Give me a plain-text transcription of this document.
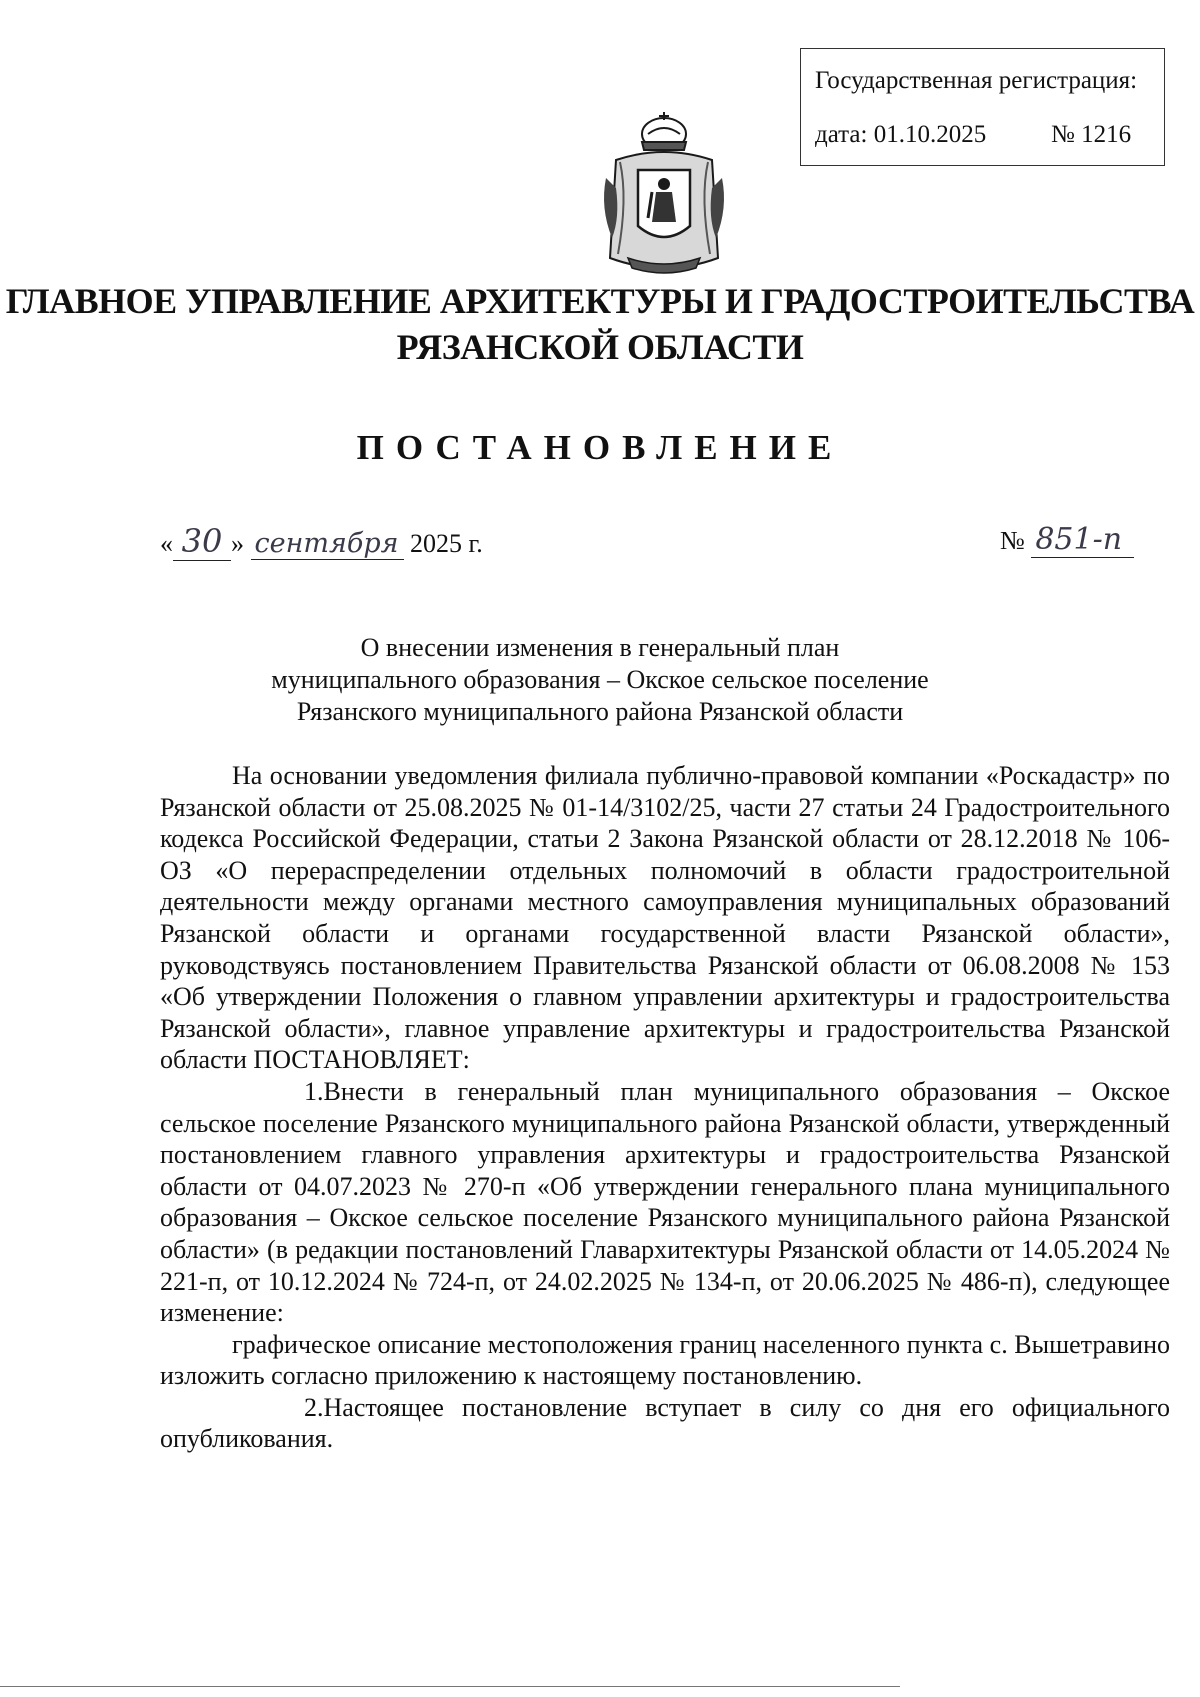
Государственная регистрация:
дата: 01.10.2025	№ 1216
ГЛАВНОЕ УПРАВЛЕНИЕ АРХИТЕКТУРЫ И ГРАДОСТРОИТЕЛЬСТВА
РЯЗАНСКОЙ ОБЛАСТИ
ПОСТАНОВЛЕНИЕ
« 30 » сентября 2025 г.	№ 851-п
О внесении изменения в генеральный план
муниципального образования – Окское сельское поселение
Рязанского муниципального района Рязанской области

На основании уведомления филиала публично-правовой компании «Роскадастр» по Рязанской области от 25.08.2025 № 01-14/3102/25, части 27 статьи 24 Градостроительного кодекса Российской Федерации, статьи 2 Закона Рязанской области от 28.12.2018 № 106-ОЗ «О перераспределении отдельных полномочий в области градостроительной деятельности между органами местного самоуправления муниципальных образований Рязанской области и органами государственной власти Рязанской области», руководствуясь постановлением Правительства Рязанской области от 06.08.2008 № 153 «Об утверждении Положения о главном управлении архитектуры и градостроительства Рязанской области», главное управление архитектуры и градостроительства Рязанской области ПОСТАНОВЛЯЕТ:

1.Внести в генеральный план муниципального образования – Окское сельское поселение Рязанского муниципального района Рязанской области, утвержденный постановлением главного управления архитектуры и градостроительства Рязанской области от 04.07.2023 № 270-п «Об утверждении генерального плана муниципального образования – Окское сельское поселение Рязанского муниципального района Рязанской области» (в редакции постановлений Главархитектуры Рязанской области от 14.05.2024 № 221-п, от 10.12.2024 № 724-п, от 24.02.2025 № 134-п, от 20.06.2025 № 486-п), следующее изменение:

графическое описание местоположения границ населенного пункта с. Вышетравино изложить согласно приложению к настоящему постановлению.

2.Настоящее постановление вступает в силу со дня его официального опубликования.
